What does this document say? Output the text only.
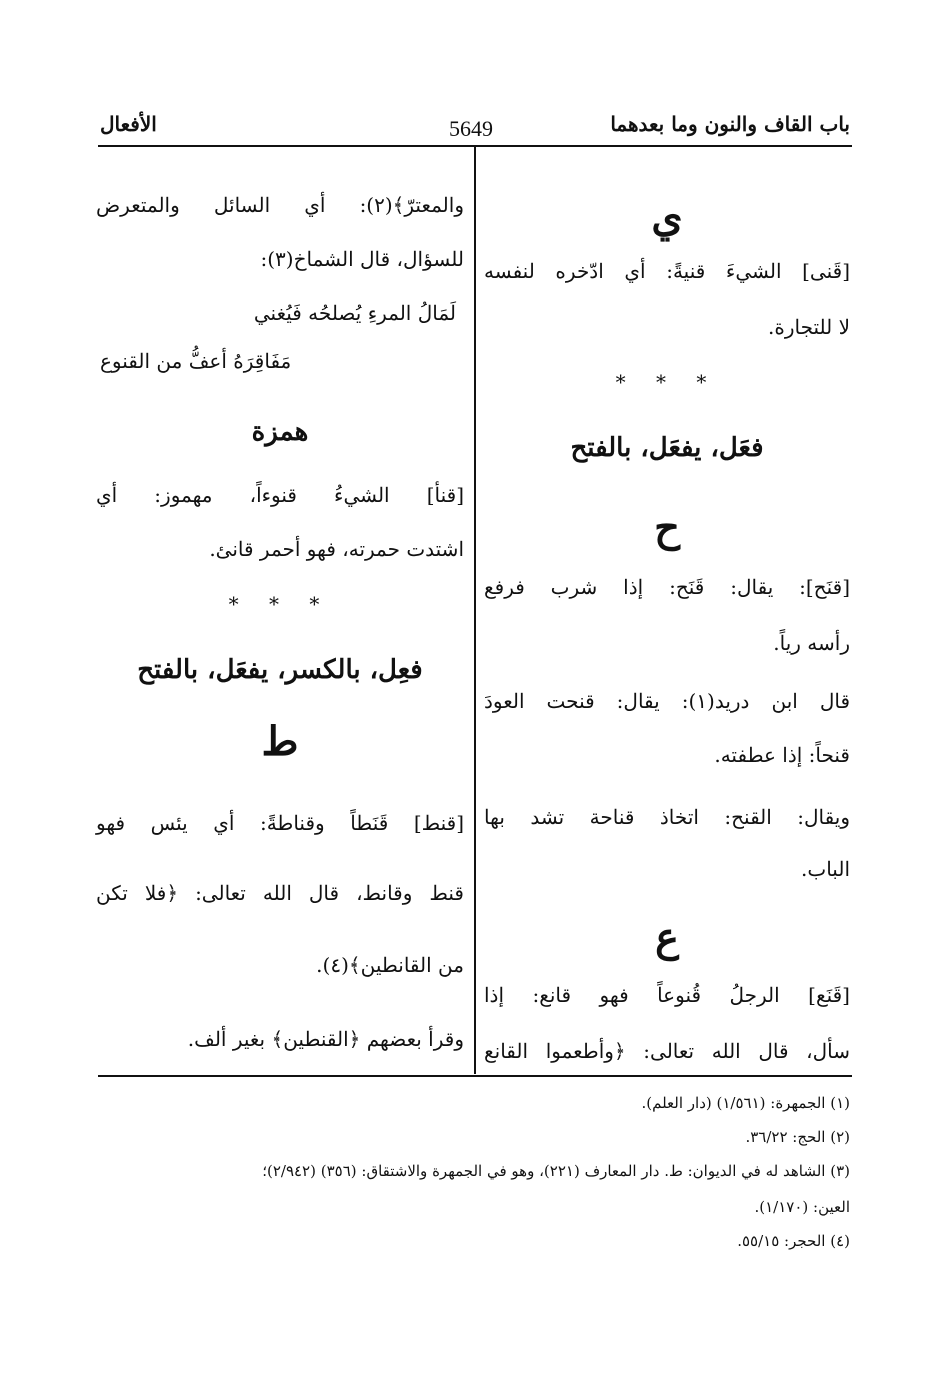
باب القاف والنون وما بعدهما
5649
الأفعال
ي
[قَنى] الشيءَ قنيةً: أي ادّخره لنفسه
لا للتجارة.
* * *
فعَل، يفعَل، بالفتح
ح
[قنَح]: يقال: قَنَح: إذا شرب فرفع
رأسه رياً.
قال ابن دريد(١): يقال: قنحت العودَ
قنحاً: إذا عطفته.
ويقال: القنح: اتخاذ قناحة تشد بها
الباب.
ع
[قَنَع] الرجلُ قُنوعاً فهو قانع: إذا
سأل، قال الله تعالى: ﴿وأطعموا القانع
والمعترّ﴾(٢): أي السائل والمتعرض
للسؤال، قال الشماخ(٣):
لَمَالُ المرءِ يُصلحُه فَيُغني
مَفَاقِرَهُ أعفُّ من القنوع
همزة
[قنأ] الشيءُ قنوءاً، مهموز: أي
اشتدت حمرته، فهو أحمر قانئ.
* * *
فعِل، بالكسر، يفعَل، بالفتح
ط
[قنط] قَنَطاً وقناطةً: أي يئس فهو
قنط وقانط، قال الله تعالى: ﴿فلا تكن
من القانطين﴾(٤).
وقرأ بعضهم ﴿القنطين﴾ بغير ألف.
(١) الجمهرة: (١/٥٦١) (دار العلم).
(٢) الحج: ٣٦/٢٢.
(٣) الشاهد له في الديوان: ط. دار المعارف (٢٢١)، وهو في الجمهرة والاشتقاق: (٣٥٦) (٢/٩٤٢)؛
العين: (١/١٧٠).
(٤) الحجر: ٥٥/١٥.
